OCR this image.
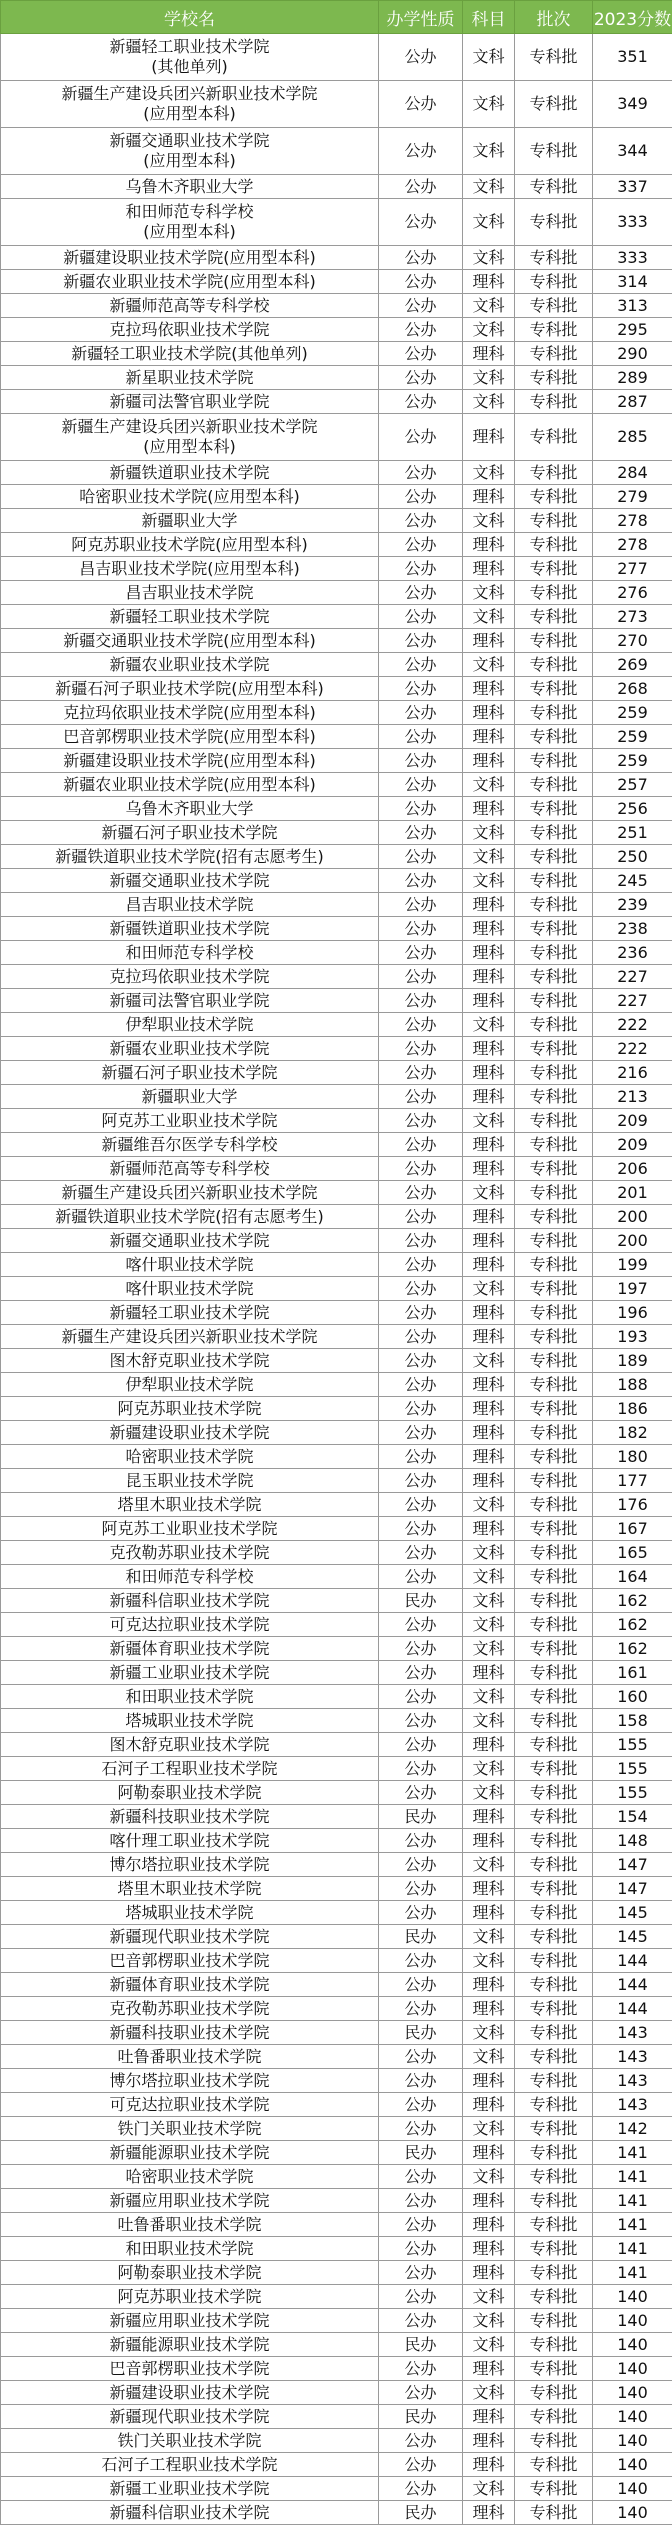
学校名	办学性质	科目	批次	2023分数

新疆轻工职业技术学院
(其他单列)	公办	文科	专科批	351

新疆生产建设兵团兴新职业技术学院
(应用型本科)	公办	文科	专科批	349

新疆交通职业技术学院
(应用型本科)	公办	文科	专科批	344

乌鲁木齐职业大学	公办	文科	专科批	337

和田师范专科学校
(应用型本科)	公办	文科	专科批	333

新疆建设职业技术学院(应用型本科)	公办	文科	专科批	333

新疆农业职业技术学院(应用型本科)	公办	理科	专科批	314

新疆师范高等专科学校	公办	文科	专科批	313

克拉玛依职业技术学院	公办	文科	专科批	295

新疆轻工职业技术学院(其他单列)	公办	理科	专科批	290

新星职业技术学院	公办	文科	专科批	289

新疆司法警官职业学院	公办	文科	专科批	287

新疆生产建设兵团兴新职业技术学院
(应用型本科)	公办	理科	专科批	285

新疆铁道职业技术学院	公办	文科	专科批	284

哈密职业技术学院(应用型本科)	公办	理科	专科批	279

新疆职业大学	公办	文科	专科批	278

阿克苏职业技术学院(应用型本科)	公办	理科	专科批	278

昌吉职业技术学院(应用型本科)	公办	理科	专科批	277

昌吉职业技术学院	公办	文科	专科批	276

新疆轻工职业技术学院	公办	文科	专科批	273

新疆交通职业技术学院(应用型本科)	公办	理科	专科批	270

新疆农业职业技术学院	公办	文科	专科批	269

新疆石河子职业技术学院(应用型本科)	公办	理科	专科批	268

克拉玛依职业技术学院(应用型本科)	公办	理科	专科批	259

巴音郭楞职业技术学院(应用型本科)	公办	理科	专科批	259

新疆建设职业技术学院(应用型本科)	公办	理科	专科批	259

新疆农业职业技术学院(应用型本科)	公办	文科	专科批	257

乌鲁木齐职业大学	公办	理科	专科批	256

新疆石河子职业技术学院	公办	文科	专科批	251

新疆铁道职业技术学院(招有志愿考生)	公办	文科	专科批	250

新疆交通职业技术学院	公办	文科	专科批	245

昌吉职业技术学院	公办	理科	专科批	239

新疆铁道职业技术学院	公办	理科	专科批	238

和田师范专科学校	公办	理科	专科批	236

克拉玛依职业技术学院	公办	理科	专科批	227

新疆司法警官职业学院	公办	理科	专科批	227

伊犁职业技术学院	公办	文科	专科批	222

新疆农业职业技术学院	公办	理科	专科批	222

新疆石河子职业技术学院	公办	理科	专科批	216

新疆职业大学	公办	理科	专科批	213

阿克苏工业职业技术学院	公办	文科	专科批	209

新疆维吾尔医学专科学校	公办	理科	专科批	209

新疆师范高等专科学校	公办	理科	专科批	206

新疆生产建设兵团兴新职业技术学院	公办	文科	专科批	201

新疆铁道职业技术学院(招有志愿考生)	公办	理科	专科批	200

新疆交通职业技术学院	公办	理科	专科批	200

喀什职业技术学院	公办	理科	专科批	199

喀什职业技术学院	公办	文科	专科批	197

新疆轻工职业技术学院	公办	理科	专科批	196

新疆生产建设兵团兴新职业技术学院	公办	理科	专科批	193

图木舒克职业技术学院	公办	文科	专科批	189

伊犁职业技术学院	公办	理科	专科批	188

阿克苏职业技术学院	公办	理科	专科批	186

新疆建设职业技术学院	公办	理科	专科批	182

哈密职业技术学院	公办	理科	专科批	180

昆玉职业技术学院	公办	理科	专科批	177

塔里木职业技术学院	公办	文科	专科批	176

阿克苏工业职业技术学院	公办	理科	专科批	167

克孜勒苏职业技术学院	公办	文科	专科批	165

和田师范专科学校	公办	文科	专科批	164

新疆科信职业技术学院	民办	文科	专科批	162

可克达拉职业技术学院	公办	文科	专科批	162

新疆体育职业技术学院	公办	文科	专科批	162

新疆工业职业技术学院	公办	理科	专科批	161

和田职业技术学院	公办	文科	专科批	160

塔城职业技术学院	公办	文科	专科批	158

图木舒克职业技术学院	公办	理科	专科批	155

石河子工程职业技术学院	公办	文科	专科批	155

阿勒泰职业技术学院	公办	文科	专科批	155

新疆科技职业技术学院	民办	理科	专科批	154

喀什理工职业技术学院	公办	理科	专科批	148

博尔塔拉职业技术学院	公办	文科	专科批	147

塔里木职业技术学院	公办	理科	专科批	147

塔城职业技术学院	公办	理科	专科批	145

新疆现代职业技术学院	民办	文科	专科批	145

巴音郭楞职业技术学院	公办	文科	专科批	144

新疆体育职业技术学院	公办	理科	专科批	144

克孜勒苏职业技术学院	公办	理科	专科批	144

新疆科技职业技术学院	民办	文科	专科批	143

吐鲁番职业技术学院	公办	文科	专科批	143

博尔塔拉职业技术学院	公办	理科	专科批	143

可克达拉职业技术学院	公办	理科	专科批	143

铁门关职业技术学院	公办	文科	专科批	142

新疆能源职业技术学院	民办	理科	专科批	141

哈密职业技术学院	公办	文科	专科批	141

新疆应用职业技术学院	公办	理科	专科批	141

吐鲁番职业技术学院	公办	理科	专科批	141

和田职业技术学院	公办	理科	专科批	141

阿勒泰职业技术学院	公办	理科	专科批	141

阿克苏职业技术学院	公办	文科	专科批	140

新疆应用职业技术学院	公办	文科	专科批	140

新疆能源职业技术学院	民办	文科	专科批	140

巴音郭楞职业技术学院	公办	理科	专科批	140

新疆建设职业技术学院	公办	文科	专科批	140

新疆现代职业技术学院	民办	理科	专科批	140

铁门关职业技术学院	公办	理科	专科批	140

石河子工程职业技术学院	公办	理科	专科批	140

新疆工业职业技术学院	公办	文科	专科批	140

新疆科信职业技术学院	民办	理科	专科批	140
